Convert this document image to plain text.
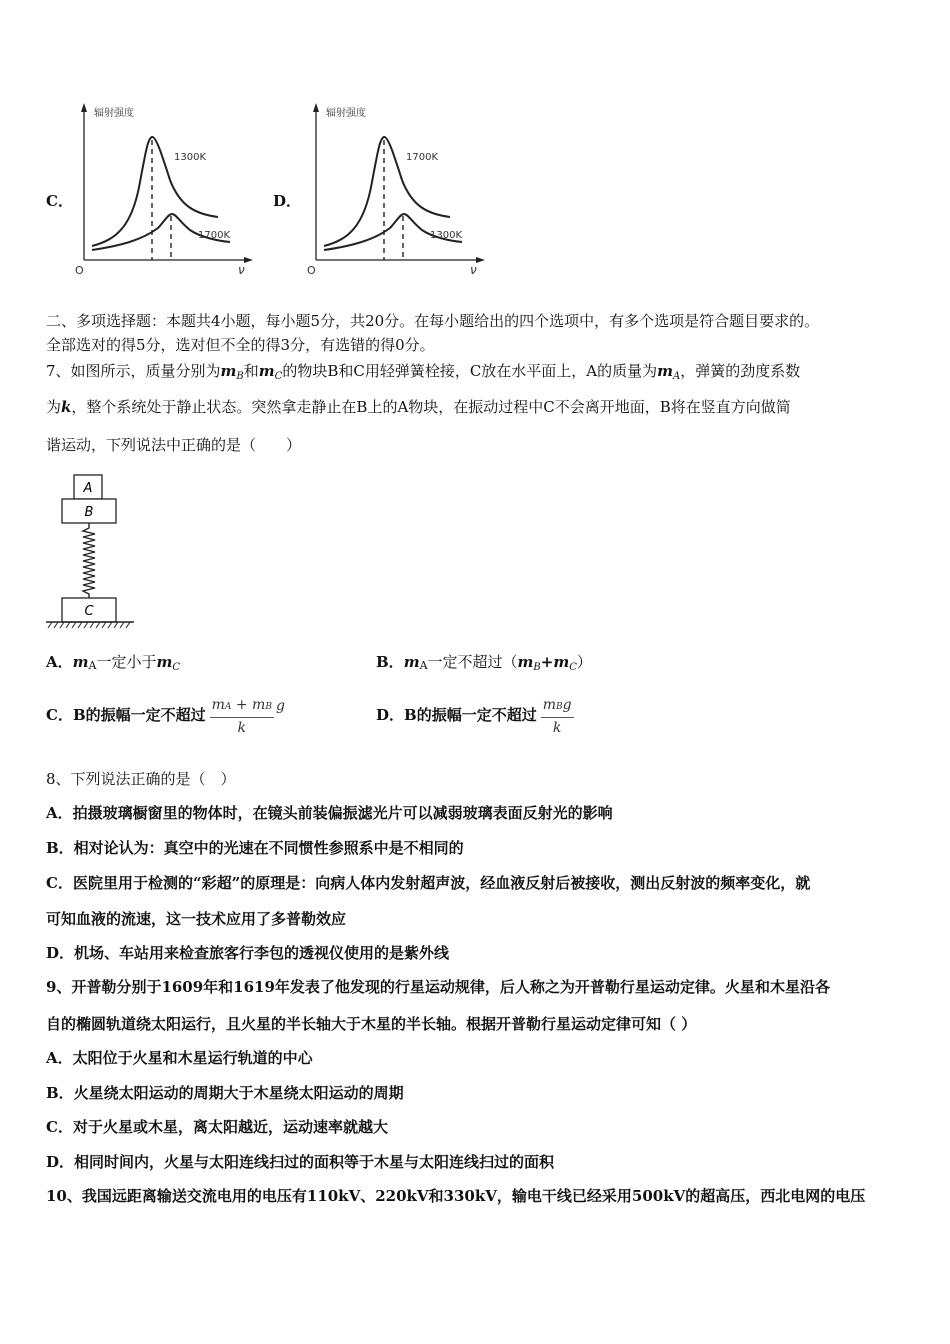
C．
辐射强度
O	ν
1300K
1700K
D．
辐射强度
O	ν
1700K
1300K
二、多项选择题：本题共4小题，每小题5分，共20分。在每小题给出的四个选项中，有多个选项是符合题目要求的。
全部选对的得5分，选对但不全的得3分，有选错的得0分。
7、如图所示，质量分别为$m_B$和$m_C$的物块B和C用轻弹簧栓接，C放在水平面上，A的质量为$m_A$，弹簧的劲度系数
为k，整个系统处于静止状态。突然拿走静止在B上的A物块，在振动过程中C不会离开地面，B将在竖直方向做简
谐运动，下列说法中正确的是（　　）
A
B
C
A．mA一定小于$m_C$	B．mA一定不超过$(m_B+m_C)$
C．B的振幅一定不超过 $\frac{mA + mB}{k}$ g	D．B的振幅一定不超过 $\frac{\text{mBg}}{k}$
8、下列说法正确的是（　）
A．拍摄玻璃橱窗里的物体时，在镜头前装偏振滤光片可以减弱玻璃表面反射光的影响
B．相对论认为：真空中的光速在不同惯性参照系中是不相同的
C．医院里用于检测的“彩超”的原理是：向病人体内发射超声波，经血液反射后被接收，测出反射波的频率变化，就
可知血液的流速，这一技术应用了多普勒效应
D．机场、车站用来检查旅客行李包的透视仪使用的是紫外线
9、开普勒分别于1609年和1619年发表了他发现的行星运动规律，后人称之为开普勒行星运动定律。火星和木星沿各
自的椭圆轨道绕太阳运行，且火星的半长轴大于木星的半长轴。根据开普勒行星运动定律可知（ ）
A．太阳位于火星和木星运行轨道的中心
B．火星绕太阳运动的周期大于木星绕太阳运动的周期
C．对于火星或木星，离太阳越近，运动速率就越大
D．相同时间内，火星与太阳连线扫过的面积等于木星与太阳连线扫过的面积
10、我国远距离输送交流电用的电压有110kV、220kV和330kV，输电干线已经采用500kV的超高压，西北电网的电压
